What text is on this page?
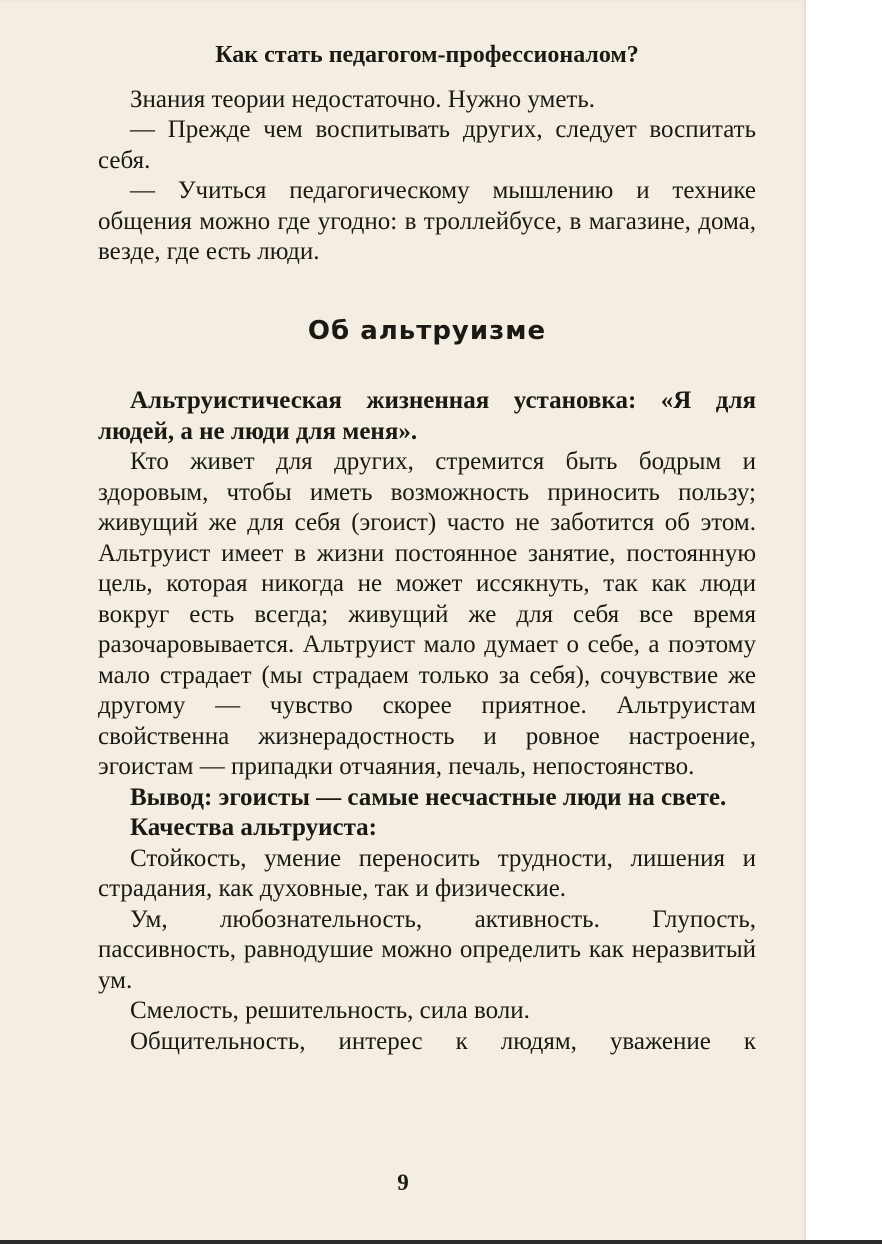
Как стать педагогом-профессионалом?

Знания теории недостаточно. Нужно уметь.

— Прежде чем воспитывать других, следует воспитать себя.

— Учиться педагогическому мышлению и технике общения можно где угодно: в троллейбусе, в магазине, дома, везде, где есть люди.

Об альтруизме

Альтруистическая жизненная установка: «Я для людей, а не люди для меня».

Кто живет для других, стремится быть бодрым и здоровым, чтобы иметь возможность приносить пользу; живущий же для себя (эгоист) часто не заботится об этом. Альтруист имеет в жизни постоянное занятие, постоянную цель, которая никогда не может иссякнуть, так как люди вокруг есть всегда; живущий же для себя все время разочаровывается. Альтруист мало думает о себе, а поэтому мало страдает (мы страдаем только за себя), сочувствие же другому — чувство скорее приятное. Альтруистам свойственна жизнерадостность и ровное настроение, эгоистам — припадки отчаяния, печаль, непостоянство.

Вывод: эгоисты — самые несчастные люди на свете.

Качества альтруиста:

Стойкость, умение переносить трудности, лишения и страдания, как духовные, так и физические.

Ум, любознательность, активность. Глупость, пассивность, равнодушие можно определить как неразвитый ум.

Смелость, решительность, сила воли.

Общительность, интерес к людям, уважение к

9
